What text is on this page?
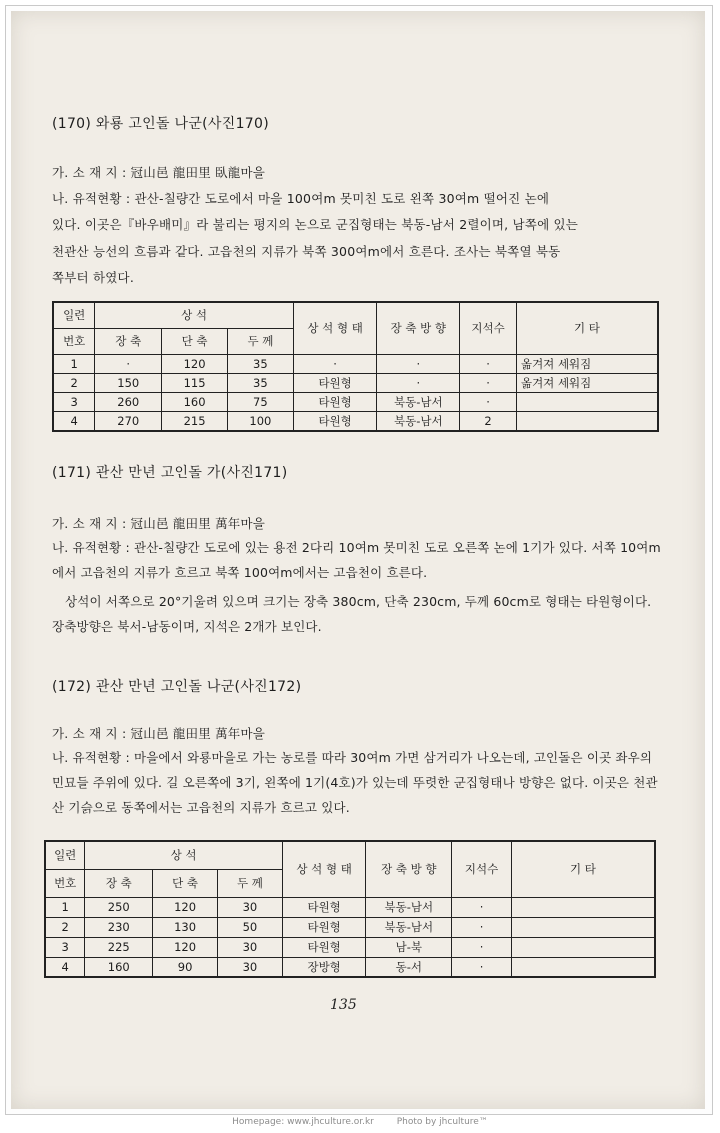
(170) 와룡 고인돌 나군(사진170)
가. 소 재 지 : 冠山邑 龍田里 臥龍마을
나. 유적현황 : 관산-칠량간 도로에서 마을 100여m 못미친 도로 왼쪽 30여m 떨어진 논에
있다. 이곳은『바우배미』라 불리는 평지의 논으로 군집형태는 북동-남서 2렬이며, 남쪽에 있는
천관산 능선의 흐름과 같다. 고읍천의 지류가 북쪽 300여m에서 흐른다. 조사는 북쪽열 북동
쪽부터 하였다.
일련	상 석			상 석 형 태	장 축 방 향	지석수	기 타
번호	장 축	단 축	두 께				
1	·	120	35	·	·	·	옮겨져 세워짐
2	150	115	35	타원형	·	·	옮겨져 세워짐
3	260	160	75	타원형	북동-남서	·	
4	270	215	100	타원형	북동-남서	2	
(171) 관산 만년 고인돌 가(사진171)
가. 소 재 지 : 冠山邑 龍田里 萬年마을
나. 유적현황 : 관산-칠량간 도로에 있는 용전 2다리 10여m 못미친 도로 오른쪽 논에 1기가 있다. 서쪽 10여m에서 고읍천의 지류가 흐르고 북쪽 100여m에서는 고읍천이 흐른다.
상석이 서쪽으로 20°기울려 있으며 크기는 장축 380cm, 단축 230cm, 두께 60cm로 형태는 타원형이다. 장축방향은 북서-남동이며, 지석은 2개가 보인다.
(172) 관산 만년 고인돌 나군(사진172)
가. 소 재 지 : 冠山邑 龍田里 萬年마을
나. 유적현황 : 마을에서 와룡마을로 가는 농로를 따라 30여m 가면 삼거리가 나오는데, 고인돌은 이곳 좌우의 민묘들 주위에 있다. 길 오른쪽에 3기, 왼쪽에 1기(4호)가 있는데 뚜렷한 군집형태나 방향은 없다. 이곳은 천관산 기슭으로 동쪽에서는 고읍천의 지류가 흐르고 있다.
일련	상 석			상 석 형 태	장 축 방 향	지석수	기 타
번호	장 축	단 축	두 께				
1	250	120	30	타원형	북동-남서	·	
2	230	130	50	타원형	북동-남서	·	
3	225	120	30	타원형	남-북	·	
4	160	90	30	장방형	동-서	·	
135
Homepage: www.jhculture.or.kr	Photo by jhculture™
